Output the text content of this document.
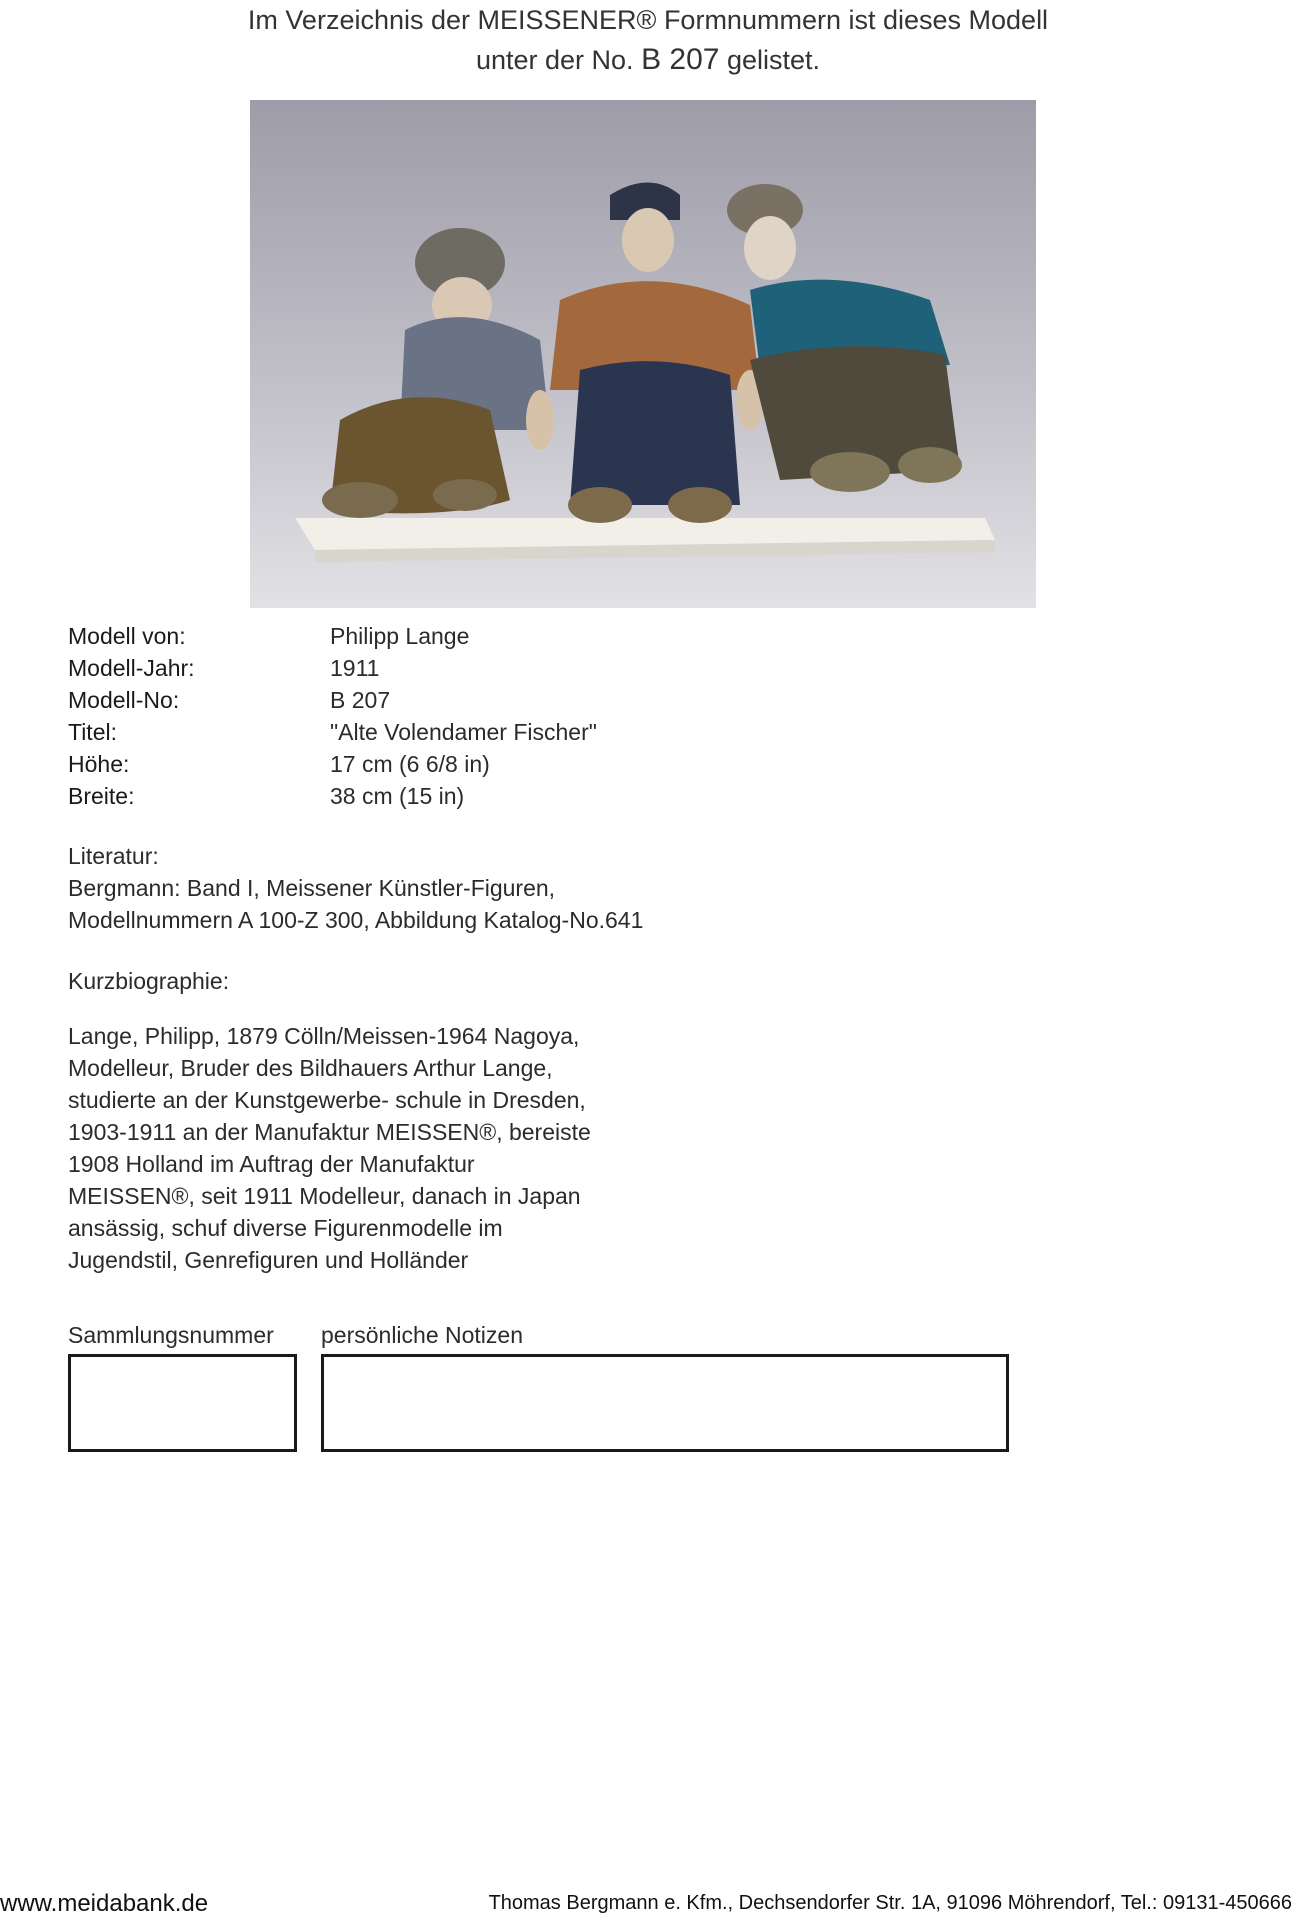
Im Verzeichnis der MEISSENER® Formnummern ist dieses Modell
unter der No. B 207 gelistet.
Modell von:	Philipp Lange
Modell-Jahr:	1911
Modell-No:	B 207
Titel:	"Alte Volendamer Fischer"
Höhe:	17 cm (6 6/8 in)
Breite:	38 cm (15 in)

Literatur:

Bergmann: Band I, Meissener Künstler-Figuren,

Modellnummern A 100-Z 300, Abbildung Katalog-No.641

Kurzbiographie:

Lange, Philipp, 1879 Cölln/Meissen-1964 Nagoya,

Modelleur, Bruder des Bildhauers Arthur Lange,

studierte an der Kunstgewerbe- schule in Dresden,

1903-1911 an der Manufaktur MEISSEN®, bereiste

1908 Holland im Auftrag der Manufaktur

MEISSEN®, seit 1911 Modelleur, danach in Japan

ansässig, schuf diverse Figurenmodelle im

Jugendstil, Genrefiguren und Holländer

Sammlungsnummer persönliche Notizen
www.meidabank.de	Thomas Bergmann e. Kfm., Dechsendorfer Str. 1A, 91096 Möhrendorf, Tel.: 09131-450666
